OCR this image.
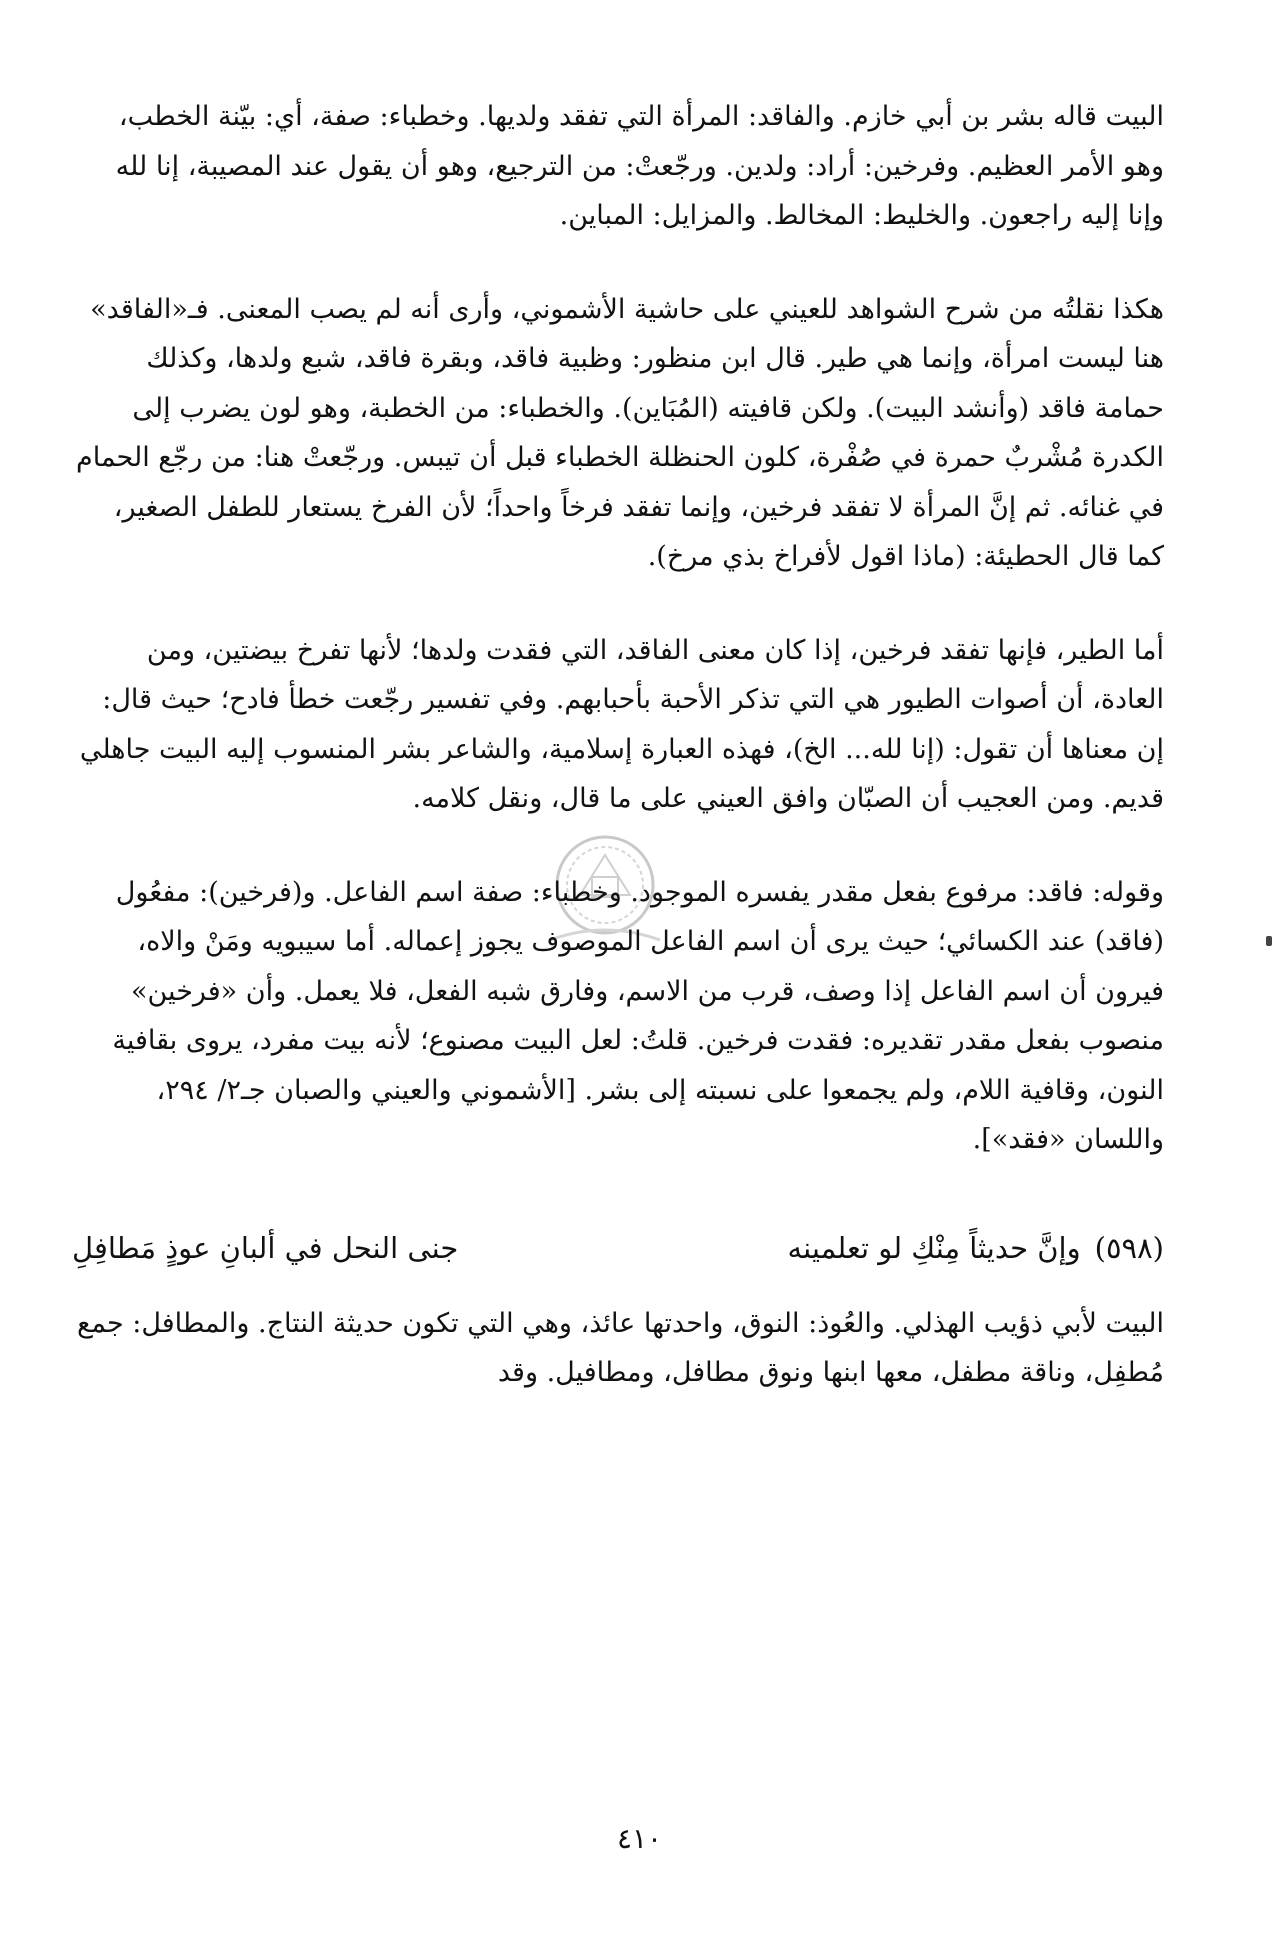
البيت قاله بشر بن أبي خازم. والفاقد: المرأة التي تفقد ولديها. وخطباء: صفة، أي: بيّنة الخطب، وهو الأمر العظيم. وفرخين: أراد: ولدين. ورجّعتْ: من الترجيع، وهو أن يقول عند المصيبة، إنا لله وإنا إليه راجعون. والخليط: المخالط. والمزايل: المباين.

هكذا نقلتُه من شرح الشواهد للعيني على حاشية الأشموني، وأرى أنه لم يصب المعنى. فـ«الفاقد» هنا ليست امرأة، وإنما هي طير. قال ابن منظور: وظبية فاقد، وبقرة فاقد، شبع ولدها، وكذلك حمامة فاقد (وأنشد البيت). ولكن قافيته (المُبَاين). والخطباء: من الخطبة، وهو لون يضرب إلى الكدرة مُشْربٌ حمرة في صُفْرة، كلون الحنظلة الخطباء قبل أن تيبس. ورجّعتْ هنا: من رجّع الحمام في غنائه. ثم إنَّ المرأة لا تفقد فرخين، وإنما تفقد فرخاً واحداً؛ لأن الفرخ يستعار للطفل الصغير، كما قال الحطيئة: (ماذا اقول لأفراخ بذي مرخ).

أما الطير، فإنها تفقد فرخين، إذا كان معنى الفاقد، التي فقدت ولدها؛ لأنها تفرخ بيضتين، ومن العادة، أن أصوات الطيور هي التي تذكر الأحبة بأحبابهم. وفي تفسير رجّعت خطأ فادح؛ حيث قال: إن معناها أن تقول: (إنا لله... الخ)، فهذه العبارة إسلامية، والشاعر بشر المنسوب إليه البيت جاهلي قديم. ومن العجيب أن الصبّان وافق العيني على ما قال، ونقل كلامه.

وقوله: فاقد: مرفوع بفعل مقدر يفسره الموجود. وخطباء: صفة اسم الفاعل. و(فرخين): مفعُول (فاقد) عند الكسائي؛ حيث يرى أن اسم الفاعل الموصوف يجوز إعماله. أما سيبويه ومَنْ والاه، فيرون أن اسم الفاعل إذا وصف، قرب من الاسم، وفارق شبه الفعل، فلا يعمل. وأن «فرخين» منصوب بفعل مقدر تقديره: فقدت فرخين. قلتُ: لعل البيت مصنوع؛ لأنه بيت مفرد، يروى بقافية النون، وقافية اللام، ولم يجمعوا على نسبته إلى بشر. [الأشموني والعيني والصبان جـ٢/ ٢٩٤، واللسان «فقد»].

(٥٩٨)
وإنَّ حديثاً مِنْكِ لو تعلمينه
جنى النحل في ألبانِ عوذٍ مَطافِلِ

البيت لأبي ذؤيب الهذلي. والعُوذ: النوق، واحدتها عائذ، وهي التي تكون حديثة النتاج. والمطافل: جمع مُطفِل، وناقة مطفل، معها ابنها ونوق مطافل، ومطافيل. وقد

٤١٠
